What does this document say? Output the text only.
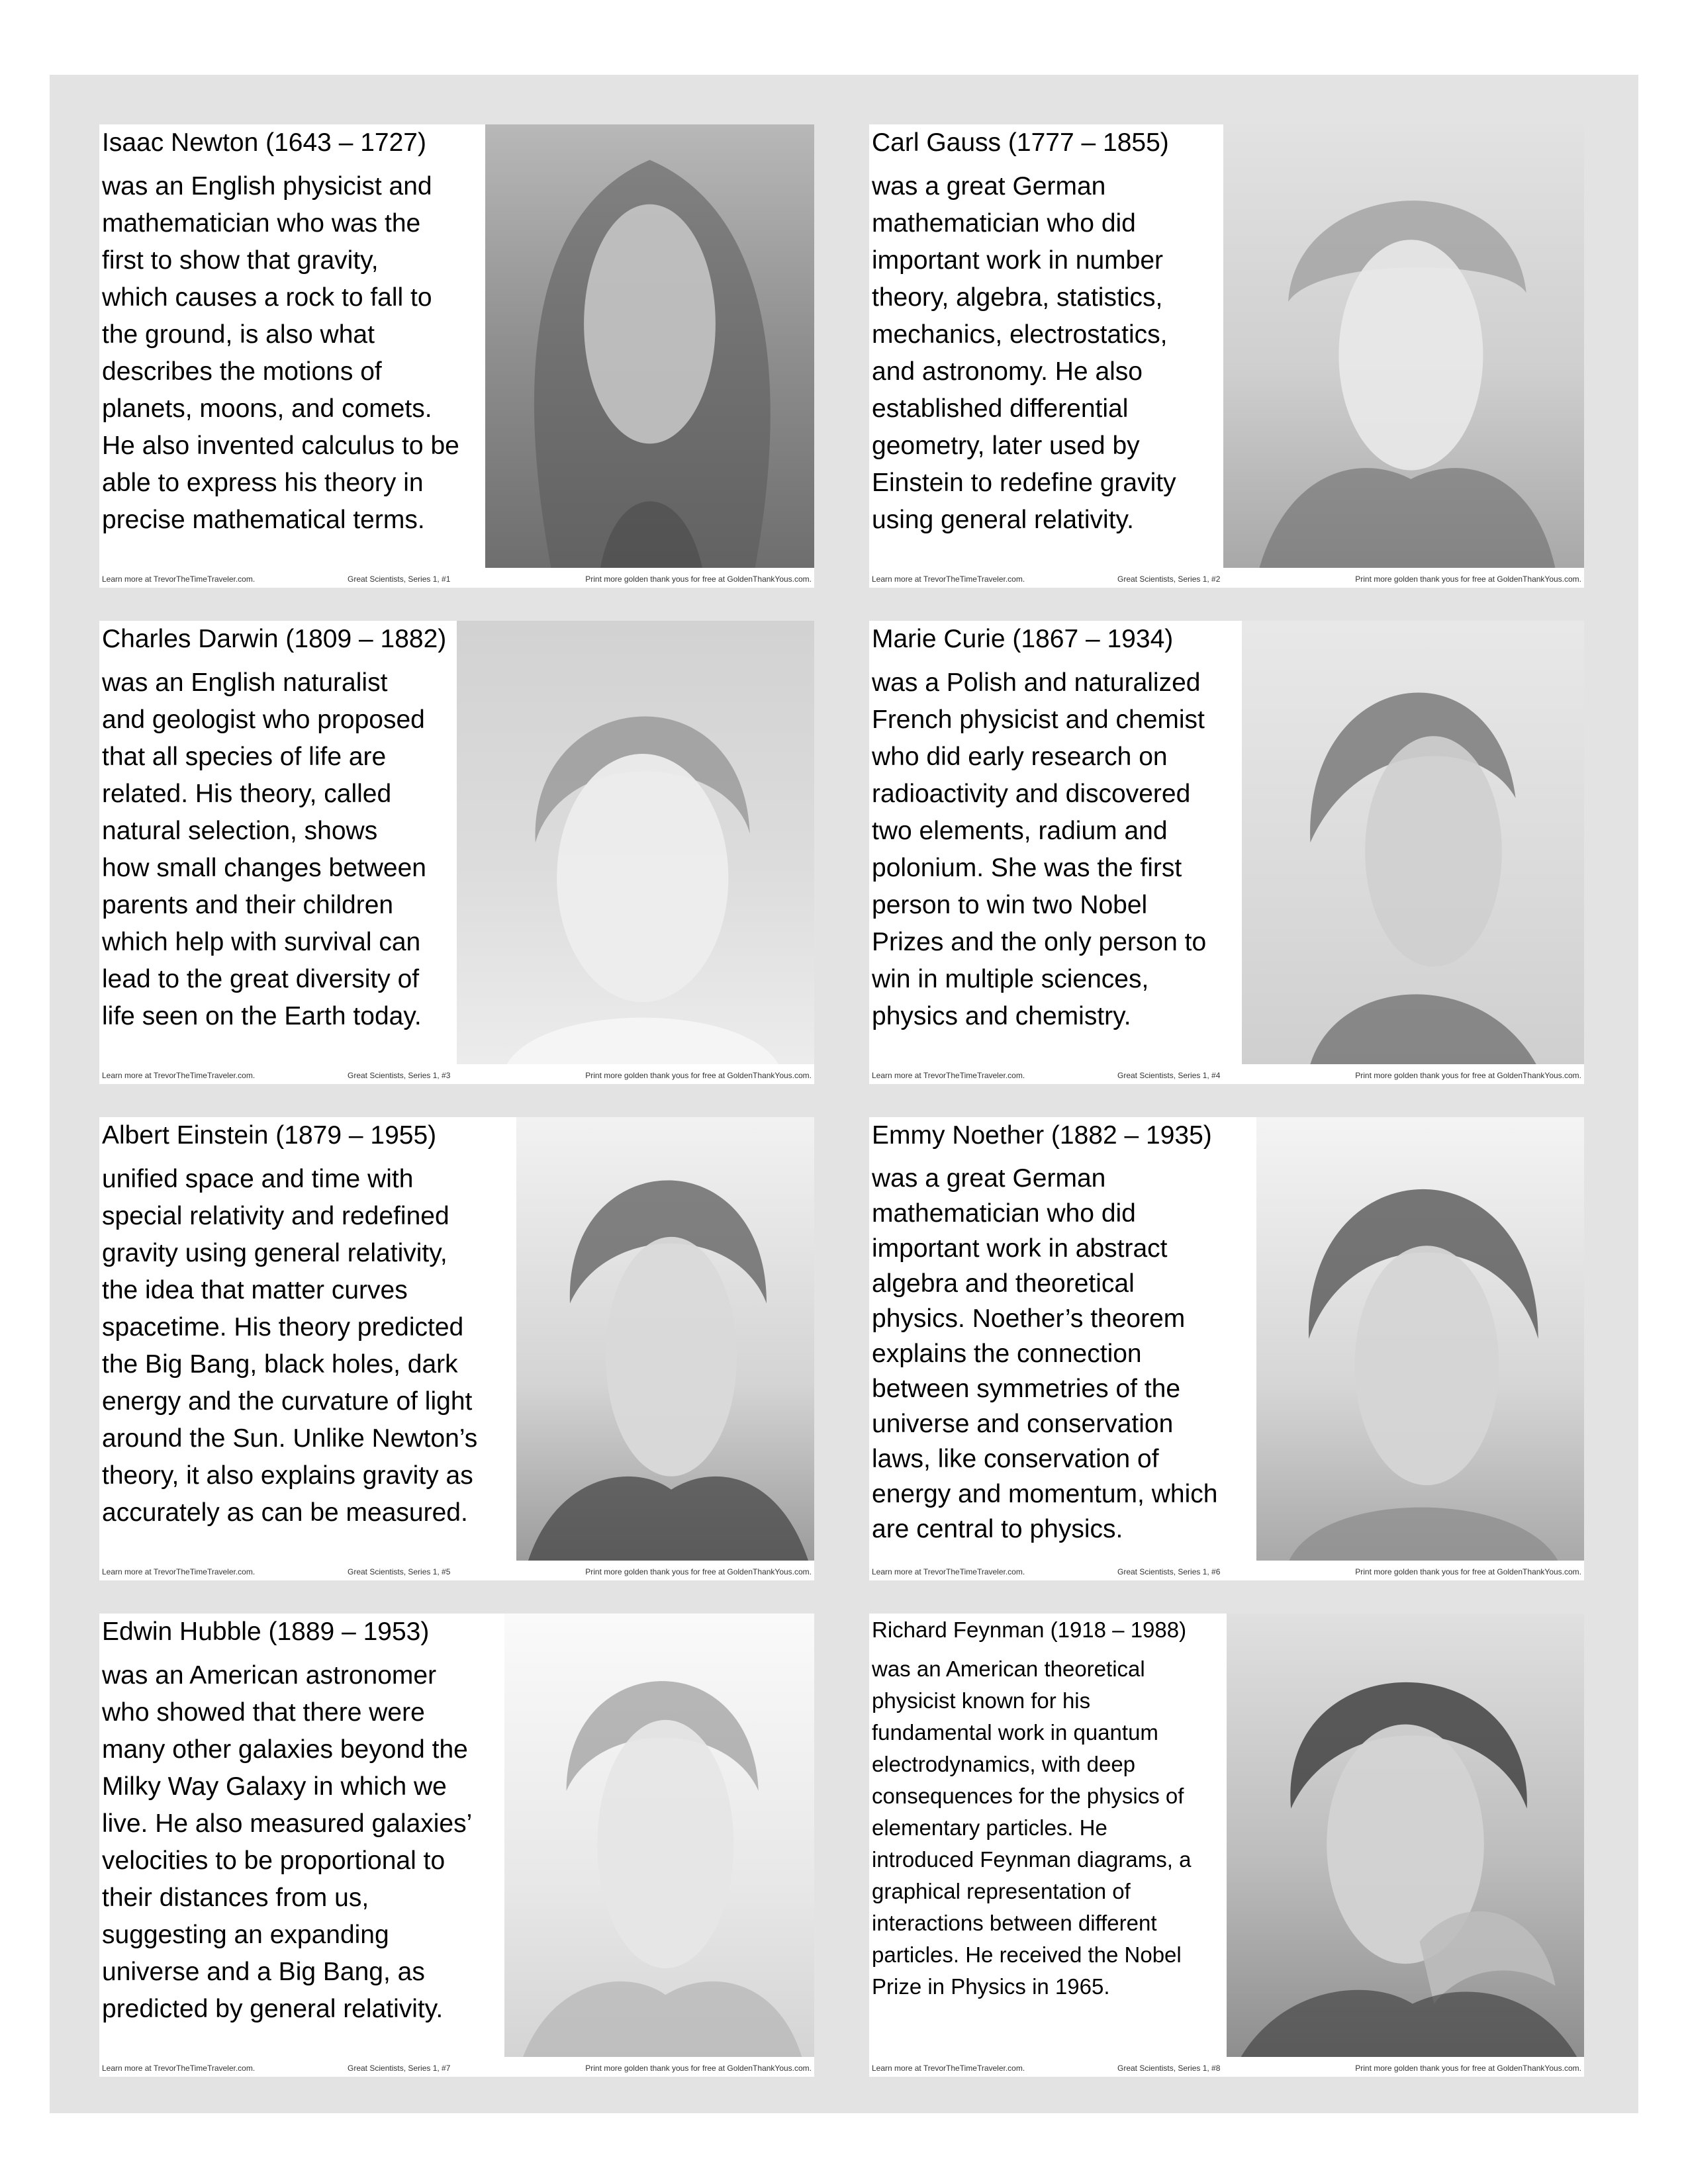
Isaac Newton (1643 – 1727)
was an English physicist and
mathematician who was the
first to show that gravity,
which causes a rock to fall to
the ground, is also what
describes the motions of
planets, moons, and comets.
He also invented calculus to be
able to express his theory in
precise mathematical terms.
Learn more at TrevorTheTimeTraveler.com.	Great Scientists, Series 1, #1	Print more golden thank yous for free at GoldenThankYous.com.
Carl Gauss (1777 – 1855)
was a great German
mathematician who did
important work in number
theory, algebra, statistics,
mechanics, electrostatics,
and astronomy. He also
established differential
geometry, later used by
Einstein to redefine gravity
using general relativity.
Learn more at TrevorTheTimeTraveler.com.	Great Scientists, Series 1, #2	Print more golden thank yous for free at GoldenThankYous.com.
Charles Darwin (1809 – 1882)
was an English naturalist
and geologist who proposed
that all species of life are
related. His theory, called
natural selection, shows
how small changes between
parents and their children
which help with survival can
lead to the great diversity of
life seen on the Earth today.
Learn more at TrevorTheTimeTraveler.com.	Great Scientists, Series 1, #3	Print more golden thank yous for free at GoldenThankYous.com.
Marie Curie (1867 – 1934)
was a Polish and naturalized
French physicist and chemist
who did early research on
radioactivity and discovered
two elements, radium and
polonium. She was the first
person to win two Nobel
Prizes and the only person to
win in multiple sciences,
physics and chemistry.
Learn more at TrevorTheTimeTraveler.com.	Great Scientists, Series 1, #4	Print more golden thank yous for free at GoldenThankYous.com.
Albert Einstein (1879 – 1955)
unified space and time with
special relativity and redefined
gravity using general relativity,
the idea that matter curves
spacetime. His theory predicted
the Big Bang, black holes, dark
energy and the curvature of light
around the Sun. Unlike Newton’s
theory, it also explains gravity as
accurately as can be measured.
Learn more at TrevorTheTimeTraveler.com.	Great Scientists, Series 1, #5	Print more golden thank yous for free at GoldenThankYous.com.
Emmy Noether (1882 – 1935)
was a great German
mathematician who did
important work in abstract
algebra and theoretical
physics. Noether’s theorem
explains the connection
between symmetries of the
universe and conservation
laws, like conservation of
energy and momentum, which
are central to physics.
Learn more at TrevorTheTimeTraveler.com.	Great Scientists, Series 1, #6	Print more golden thank yous for free at GoldenThankYous.com.
Edwin Hubble (1889 – 1953)
was an American astronomer
who showed that there were
many other galaxies beyond the
Milky Way Galaxy in which we
live. He also measured galaxies’
velocities to be proportional to
their distances from us,
suggesting an expanding
universe and a Big Bang, as
predicted by general relativity.
Learn more at TrevorTheTimeTraveler.com.	Great Scientists, Series 1, #7	Print more golden thank yous for free at GoldenThankYous.com.
Richard Feynman (1918 – 1988)
was an American theoretical
physicist known for his
fundamental work in quantum
electrodynamics, with deep
consequences for the physics of
elementary particles. He
introduced Feynman diagrams, a
graphical representation of
interactions between different
particles. He received the Nobel
Prize in Physics in 1965.
Learn more at TrevorTheTimeTraveler.com.	Great Scientists, Series 1, #8	Print more golden thank yous for free at GoldenThankYous.com.
